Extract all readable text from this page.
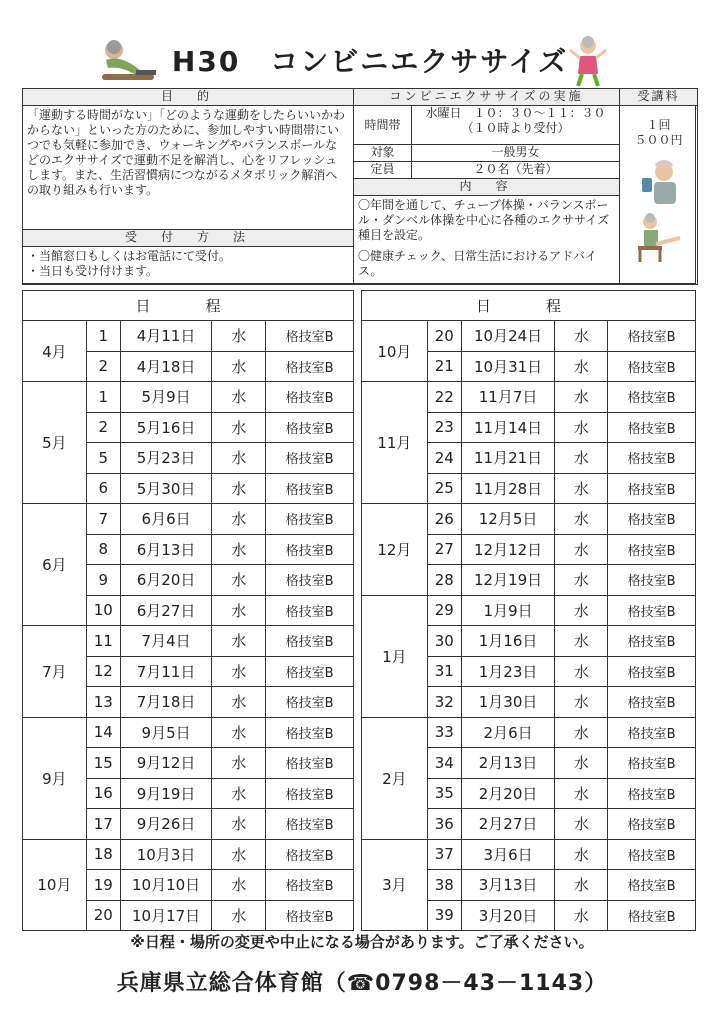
H30　コンビニエクササイズ
目　的
「運動する時間がない」「どのような運動をしたらいいかわからない」といった方のために、参加しやすい時間帯にいつでも気軽に参加でき、ウォーキングやバランスボールなどのエクササイズで運動不足を解消し、心をリフレッシュします。また、生活習慣病につながるメタボリック解消への取り組みも行います。
受　付　方　法
・当館窓口もしくはお電話にて受付。
・当日も受け付けます。
コンビニエクササイズの実施
時間帯
水曜日　１０：３０～１１：３０
（１０時より受付）
対象	一般男女
定員	２０名（先着）
内　容
〇年間を通して、チューブ体操・バランスボール・ダンベル体操を中心に各種のエクササイズ種目を設定。
〇健康チェック、日常生活におけるアドバイス。
受講料
１回
５００円

日　程				
4月	1	4月11日	水	格技室B
	2	4月18日	水	格技室B
5月	1	5月9日	水	格技室B
	2	5月16日	水	格技室B
	5	5月23日	水	格技室B
	6	5月30日	水	格技室B
6月	7	6月6日	水	格技室B
	8	6月13日	水	格技室B
	9	6月20日	水	格技室B
	10	6月27日	水	格技室B
7月	11	7月4日	水	格技室B
	12	7月11日	水	格技室B
	13	7月18日	水	格技室B
9月	14	9月5日	水	格技室B
	15	9月12日	水	格技室B
	16	9月19日	水	格技室B
	17	9月26日	水	格技室B
10月	18	10月3日	水	格技室B
	19	10月10日	水	格技室B
	20	10月17日	水	格技室B
日　程				
10月	20	10月24日	水	格技室B
	21	10月31日	水	格技室B
11月	22	11月7日	水	格技室B
	23	11月14日	水	格技室B
	24	11月21日	水	格技室B
	25	11月28日	水	格技室B
12月	26	12月5日	水	格技室B
	27	12月12日	水	格技室B
	28	12月19日	水	格技室B
1月	29	1月9日	水	格技室B
	30	1月16日	水	格技室B
	31	1月23日	水	格技室B
	32	1月30日	水	格技室B
2月	33	2月6日	水	格技室B
	34	2月13日	水	格技室B
	35	2月20日	水	格技室B
	36	2月27日	水	格技室B
3月	37	3月6日	水	格技室B
	38	3月13日	水	格技室B
	39	3月20日	水	格技室B
※日程・場所の変更や中止になる場合があります。ご了承ください。
兵庫県立総合体育館（☎0798－43－1143）
